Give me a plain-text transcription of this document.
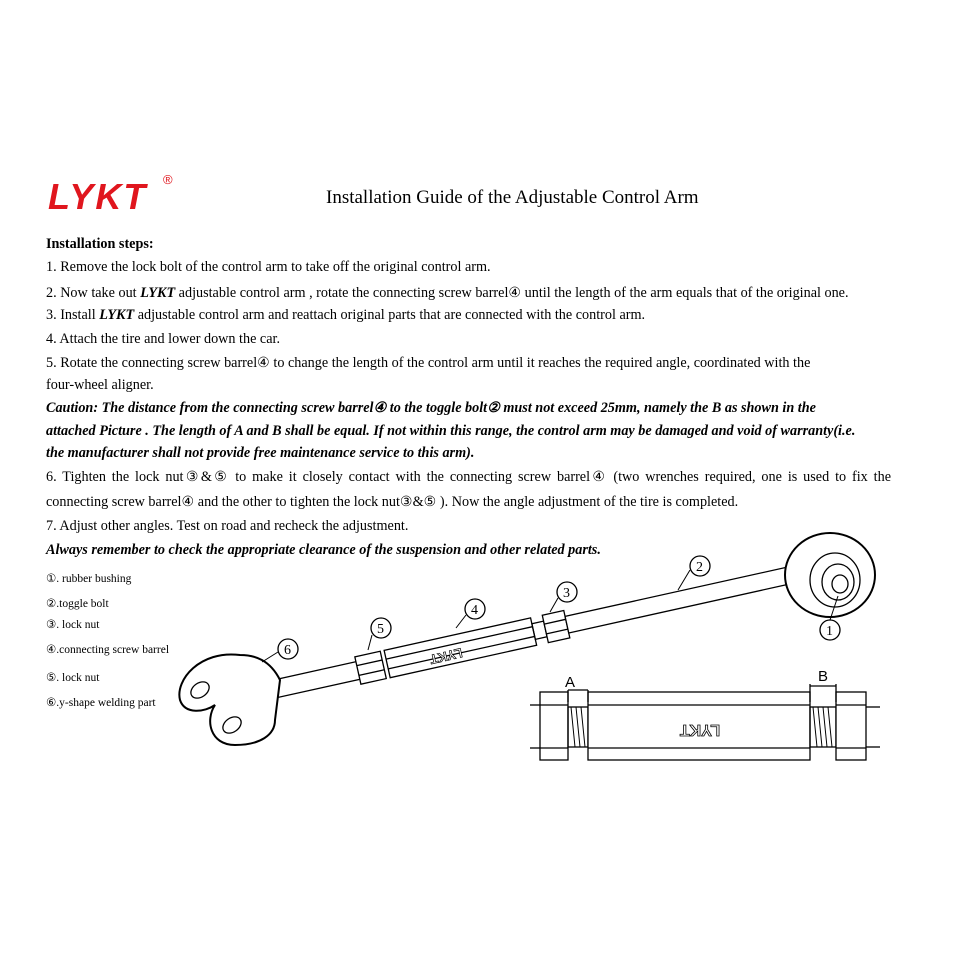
LYKT ®
Installation Guide of the Adjustable Control Arm
Installation steps:
1. Remove the lock bolt of the control arm to take off the original control arm.
2. Now take out LYKT adjustable control arm , rotate the connecting screw barrel④ until the length of the arm equals that of the original one.
3. Install LYKT adjustable control arm and reattach original parts that are connected with the control arm.
4. Attach the tire and lower down the car.
5. Rotate the connecting screw barrel④ to change the length of the control arm until it reaches the required angle, coordinated with the
four-wheel aligner.
Caution: The distance from the connecting screw barrel④ to the toggle bolt② must not exceed 25mm, namely the B as shown in the
attached Picture . The length of A and B shall be equal. If not within this range, the control arm may be damaged and void of warranty(i.e.
the manufacturer shall not provide free maintenance service to this arm).
6. Tighten the lock nut③&⑤ to make it closely contact with the connecting screw barrel④ (two wrenches required, one is used to fix the
connecting screw barrel④ and the other to tighten the lock nut③&⑤ ). Now the angle adjustment of the tire is completed.
7. Adjust other angles. Test on road and recheck the adjustment.
Always remember to check the appropriate clearance of the suspension and other related parts.
①. rubber bushing
②.toggle bolt
③. lock nut
④.connecting screw barrel
⑤. lock nut
⑥.y-shape welding part
LYKT
1
2
3
4
5
6
LYKT
A	B
